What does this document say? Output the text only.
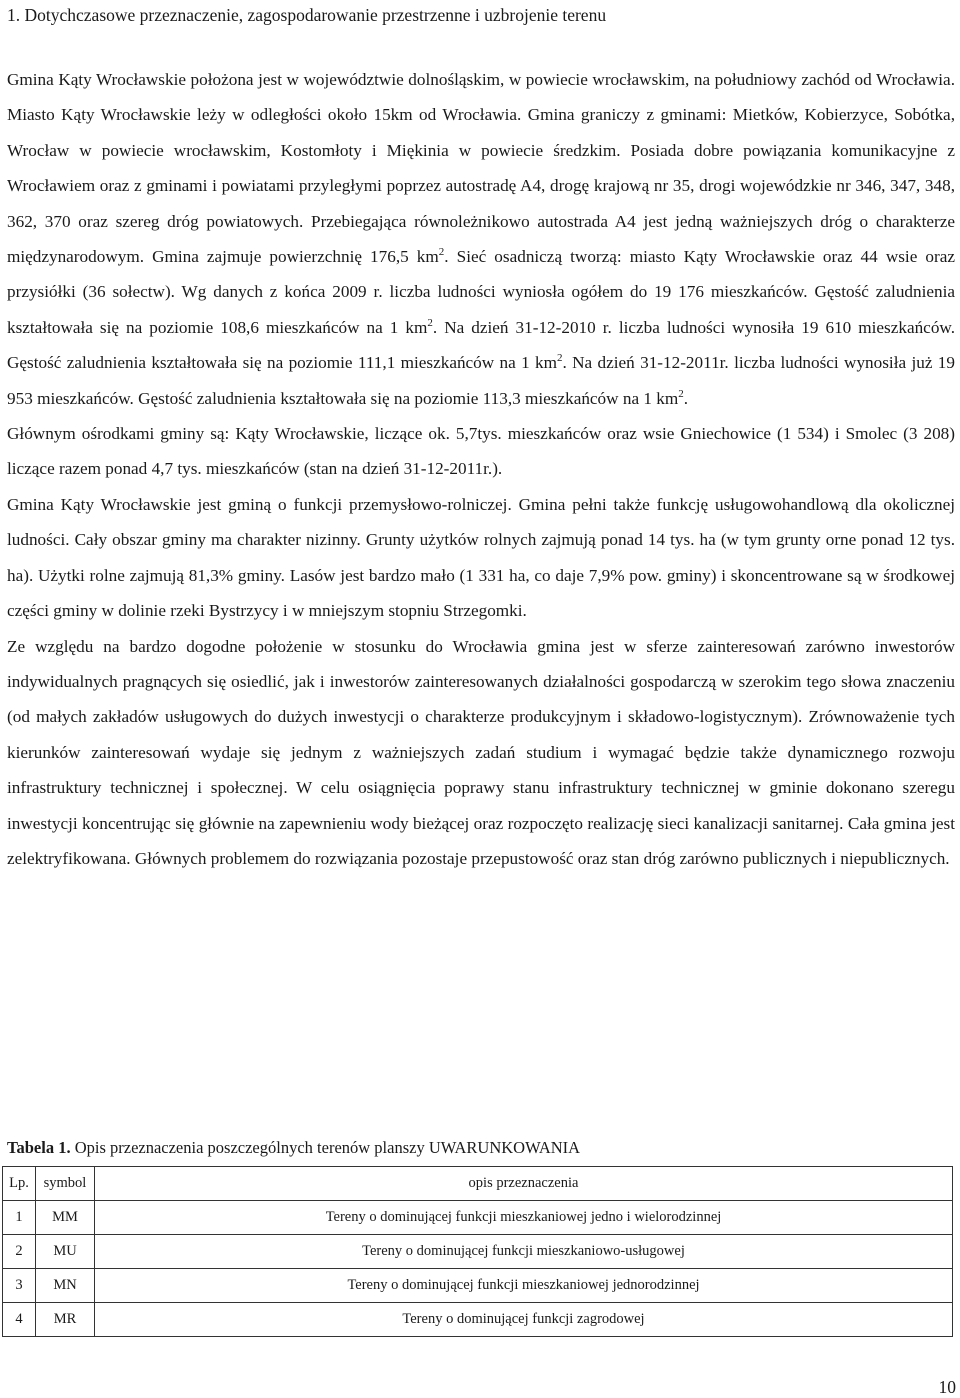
1. Dotychczasowe przeznaczenie, zagospodarowanie przestrzenne i uzbrojenie terenu

Gmina Kąty Wrocławskie położona jest w województwie dolnośląskim, w powiecie wrocławskim, na południowy zachód od Wrocławia. Miasto Kąty Wrocławskie leży w odległości około 15km od Wrocławia. Gmina graniczy z gminami: Mietków, Kobierzyce, Sobótka, Wrocław w powiecie wrocławskim, Kostomłoty i Miękinia w powiecie średzkim. Posiada dobre powiązania komunikacyjne z Wrocławiem oraz z gminami i powiatami przyległymi poprzez autostradę A4, drogę krajową nr 35, drogi wojewódzkie nr 346, 347, 348, 362, 370 oraz szereg dróg powiatowych. Przebiegająca równoleżnikowo autostrada A4 jest jedną ważniejszych dróg o charakterze międzynarodowym. Gmina zajmuje powierzchnię 176,5 $km^2$. Sieć osadniczą tworzą: miasto Kąty Wrocławskie oraz 44 wsie oraz przysiółki (36 sołectw). Wg danych z końca 2009 r. liczba ludności wyniosła ogółem do 19 176 mieszkańców. Gęstość zaludnienia kształtowała się na poziomie 108,6 mieszkańców na 1 $km^2$. Na dzień 31-12-2010 r. liczba ludności wynosiła 19 610 mieszkańców. Gęstość zaludnienia kształtowała się na poziomie 111,1 mieszkańców na 1 $km^2$. Na dzień 31-12-2011r. liczba ludności wynosiła już 19 953 mieszkańców. Gęstość zaludnienia kształtowała się na poziomie 113,3 mieszkańców na 1 $km^2$.

Głównym ośrodkami gminy są: Kąty Wrocławskie, liczące ok. 5,7tys. mieszkańców oraz wsie Gniechowice (1 534) i Smolec (3 208) liczące razem ponad 4,7 tys. mieszkańców (stan na dzień 31-12-2011r.).

Gmina Kąty Wrocławskie jest gminą o funkcji przemysłowo-rolniczej. Gmina pełni także funkcję usługowohandlową dla okolicznej ludności. Cały obszar gminy ma charakter nizinny. Grunty użytków rolnych zajmują ponad 14 tys. ha (w tym grunty orne ponad 12 tys. ha). Użytki rolne zajmują 81,3% gminy. Lasów jest bardzo mało (1 331 ha, co daje 7,9% pow. gminy) i skoncentrowane są w środkowej części gminy w dolinie rzeki Bystrzycy i w mniejszym stopniu Strzegomki.

Ze względu na bardzo dogodne położenie w stosunku do Wrocławia gmina jest w sferze zainteresowań zarówno inwestorów indywidualnych pragnących się osiedlić, jak i inwestorów zainteresowanych działalności gospodarczą w szerokim tego słowa znaczeniu (od małych zakładów usługowych do dużych inwestycji o charakterze produkcyjnym i składowo-logistycznym). Zrównoważenie tych kierunków zainteresowań wydaje się jednym z ważniejszych zadań studium i wymagać będzie także dynamicznego rozwoju infrastruktury technicznej i społecznej. W celu osiągnięcia poprawy stanu infrastruktury technicznej w gminie dokonano szeregu inwestycji koncentrując się głównie na zapewnieniu wody bieżącej oraz rozpoczęto realizację sieci kanalizacji sanitarnej. Cała gmina jest zelektryfikowana. Głównych problemem do rozwiązania pozostaje przepustowość oraz stan dróg zarówno publicznych i niepublicznych.

Tabela 1. Opis przeznaczenia poszczególnych terenów planszy UWARUNKOWANIA
Lp.	symbol	opis przeznaczenia
1	MM	Tereny o dominującej funkcji mieszkaniowej jedno i wielorodzinnej
2	MU	Tereny o dominującej funkcji mieszkaniowo-usługowej
3	MN	Tereny o dominującej funkcji mieszkaniowej jednorodzinnej
4	MR	Tereny o dominującej funkcji zagrodowej
10
